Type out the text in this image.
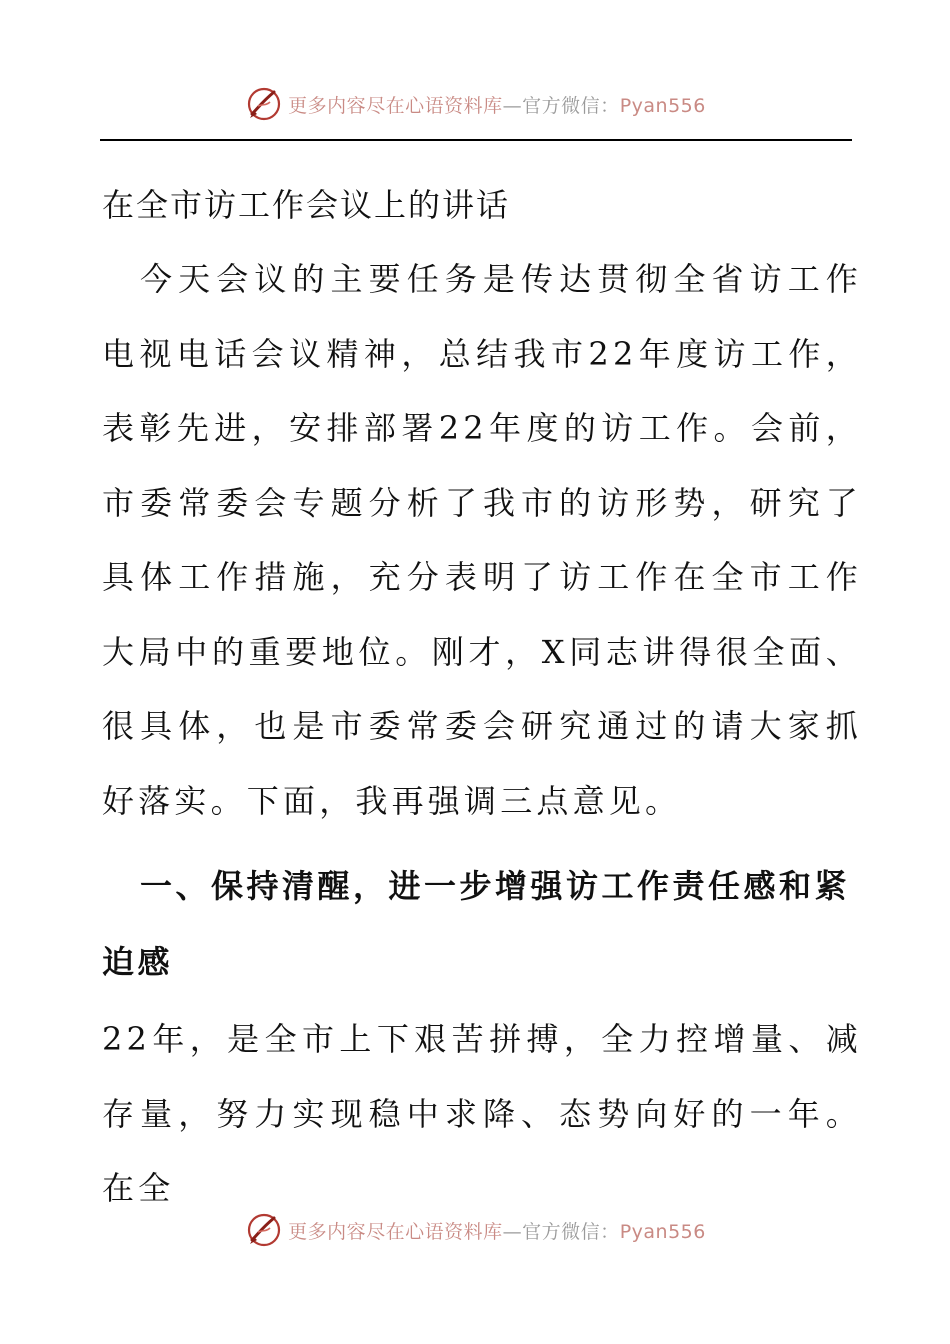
更多内容尽在心语资料库—官方微信：Pyan556

在全市访工作会议上的讲话

今天会议的主要任务是传达贯彻全省访工作电视电话会议精神，总结我市22年度访工作，表彰先进，安排部署22年度的访工作。会前，市委常委会专题分析了我市的访形势，研究了具体工作措施，充分表明了访工作在全市工作大局中的重要地位。刚才，X同志讲得很全面、很具体，也是市委常委会研究通过的请大家抓好落实。下面，我再强调三点意见。

一、保持清醒，进一步增强访工作责任感和紧迫感

22年，是全市上下艰苦拼搏，全力控增量、减存量，努力实现稳中求降、态势向好的一年。在全

更多内容尽在心语资料库—官方微信：Pyan556
